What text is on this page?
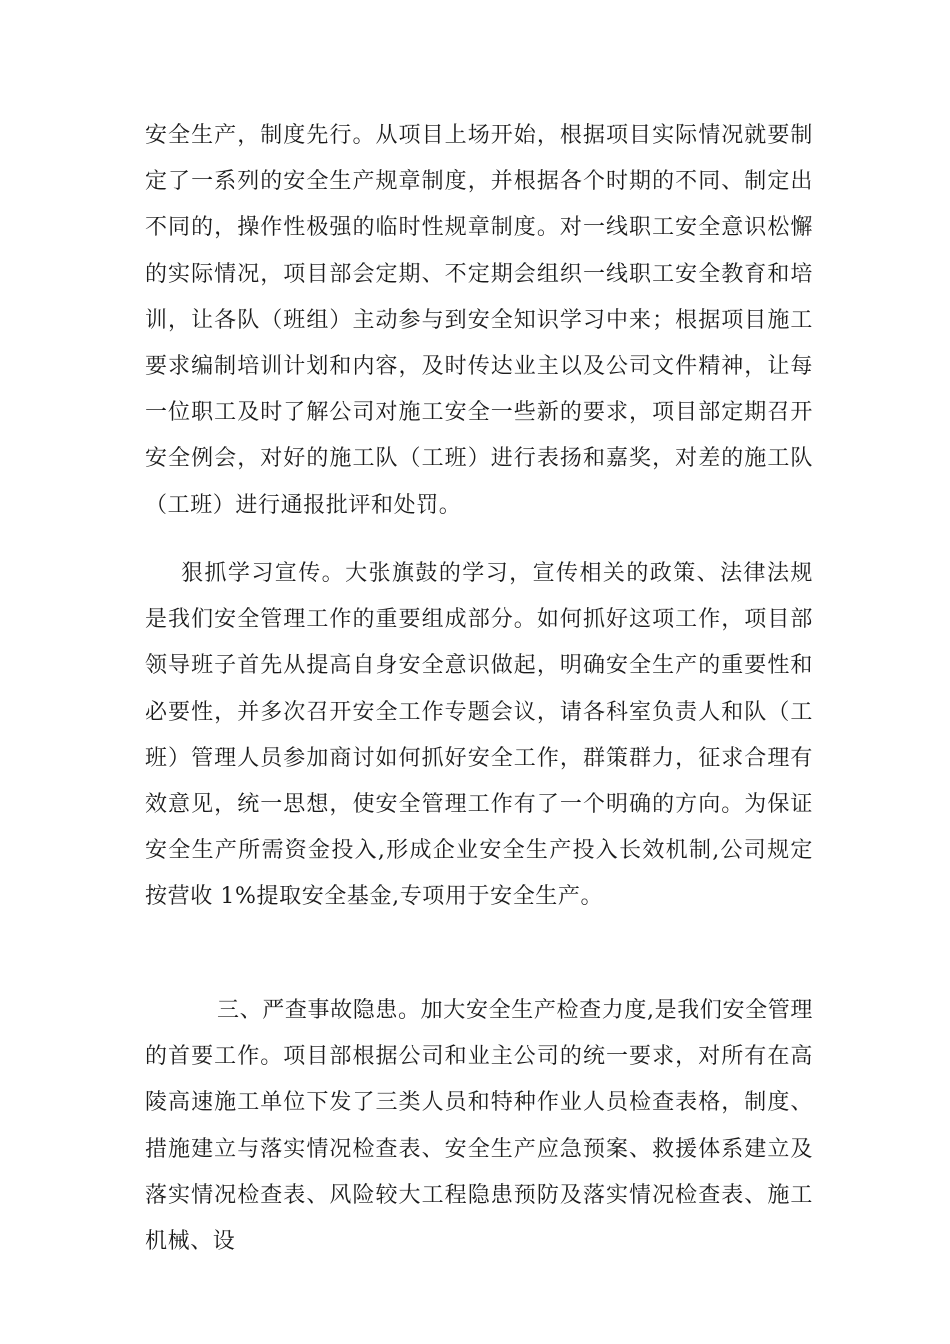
安全生产，制度先行。从项目上场开始，根据项目实际情况就要制定了一系列的安全生产规章制度，并根据各个时期的不同、制定出不同的，操作性极强的临时性规章制度。对一线职工安全意识松懈的实际情况，项目部会定期、不定期会组织一线职工安全教育和培训，让各队（班组）主动参与到安全知识学习中来；根据项目施工要求编制培训计划和内容，及时传达业主以及公司文件精神，让每一位职工及时了解公司对施工安全一些新的要求，项目部定期召开安全例会，对好的施工队（工班）进行表扬和嘉奖，对差的施工队（工班）进行通报批评和处罚。

狠抓学习宣传。大张旗鼓的学习，宣传相关的政策、法律法规是我们安全管理工作的重要组成部分。如何抓好这项工作，项目部领导班子首先从提高自身安全意识做起，明确安全生产的重要性和必要性，并多次召开安全工作专题会议，请各科室负责人和队（工班）管理人员参加商讨如何抓好安全工作，群策群力，征求合理有效意见，统一思想，使安全管理工作有了一个明确的方向。为保证安全生产所需资金投入,形成企业安全生产投入长效机制,公司规定按营收 1%提取安全基金,专项用于安全生产。

三、严查事故隐患。加大安全生产检查力度,是我们安全管理的首要工作。项目部根据公司和业主公司的统一要求，对所有在高陵高速施工单位下发了三类人员和特种作业人员检查表格，制度、措施建立与落实情况检查表、安全生产应急预案、救援体系建立及落实情况检查表、风险较大工程隐患预防及落实情况检查表、施工机械、设
